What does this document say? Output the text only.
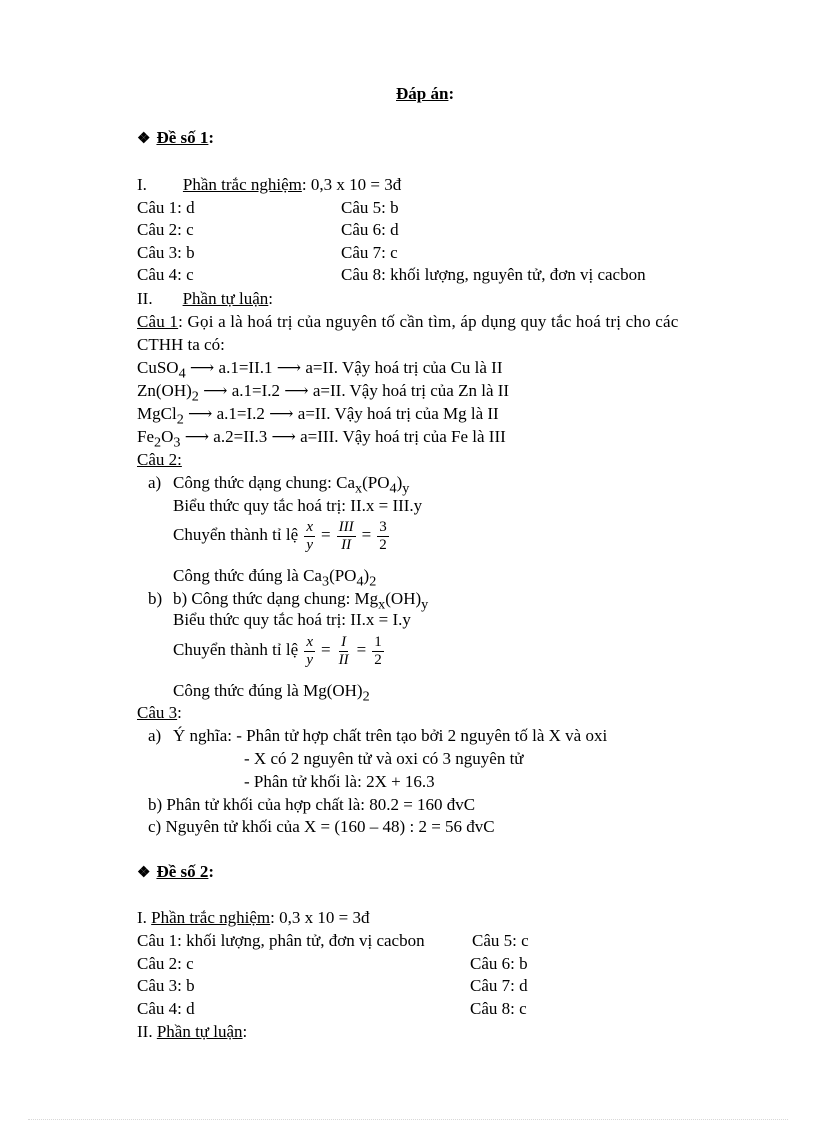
Đáp án:
❖ Đề số 1:
I. Phần trắc nghiệm: 0,3 x 10 = 3đ
Câu 1: d
Câu 2: c
Câu 3: b
Câu 4: c
Câu 5: b
Câu 6: d
Câu 7: c
Câu 8: khối lượng, nguyên tử, đơn vị cacbon
II. Phần tự luận:
Câu 1: Gọi a là hoá trị của nguyên tố cần tìm, áp dụng quy tắc hoá trị cho các
CTHH ta có:
CuSO$_4$ ⟶ a.1=II.1 ⟶ a=II. Vậy hoá trị của Cu là II
$Zn(OH)_2$ ⟶ a.1=I.2 ⟶ a=II. Vậy hoá trị của Zn là II
MgCl$_2$ ⟶ a.1=I.2 ⟶ a=II. Vậy hoá trị của Mg là II
$Fe_2O_3$ ⟶ a.2=II.3 ⟶ a=III. Vậy hoá trị của Fe là III
Câu 2:
a) Công thức dạng chung: $Ca_x(PO_4)_y$
Biểu thức quy tắc hoá trị: II.x = III.y
Chuyển thành tỉ lệ $\frac{x}{y} = \frac{\text{III}}{II} = \frac{3}{2}$
Công thức đúng là $Ca_3(PO_4)_2$
b) b) Công thức dạng chung: $Mg_x(OH)_y$
Biểu thức quy tắc hoá trị: II.x = I.y
Chuyển thành tỉ lệ $\frac{x}{y} = \frac{I}{II} = \frac{1}{2}$
Công thức đúng là $Mg(OH)_2$
Câu 3:
a) Ý nghĩa: - Phân tử hợp chất trên tạo bởi 2 nguyên tố là X và oxi
- X có 2 nguyên tử và oxi có 3 nguyên tử
- Phân tử khối là: 2X + 16.3
b) Phân tử khối của hợp chất là: 80.2 = 160 đvC
c) Nguyên tử khối của X = (160 – 48) : 2 = 56 đvC
❖ Đề số 2:
I. Phần trắc nghiệm: 0,3 x 10 = 3đ
Câu 1: khối lượng, phân tử, đơn vị cacbon
Câu 2: c
Câu 3: b
Câu 4: d
Câu 5: c
Câu 6: b
Câu 7: d
Câu 8: c
II. Phần tự luận:
